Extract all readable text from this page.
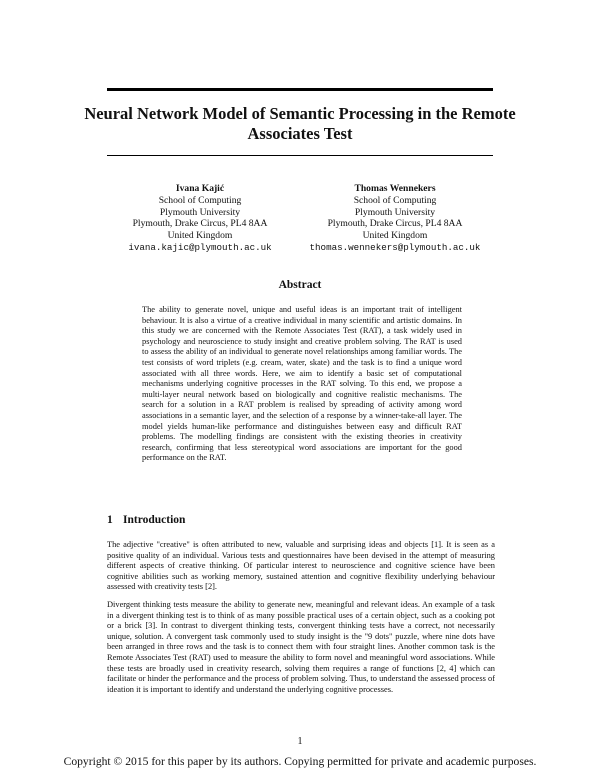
Neural Network Model of Semantic Processing in the Remote Associates Test
Ivana Kajić
School of Computing
Plymouth University
Plymouth, Drake Circus, PL4 8AA
United Kingdom
ivana.kajic@plymouth.ac.uk
Thomas Wennekers
School of Computing
Plymouth University
Plymouth, Drake Circus, PL4 8AA
United Kingdom
thomas.wennekers@plymouth.ac.uk
Abstract
The ability to generate novel, unique and useful ideas is an important trait of intelligent behaviour. It is also a virtue of a creative individual in many scientific and artistic domains. In this study we are concerned with the Remote Associates Test (RAT), a task widely used in psychology and neuroscience to study insight and creative problem solving. The RAT is used to assess the ability of an individual to generate novel relationships among familiar words. The test consists of word triplets (e.g. cream, water, skate) and the task is to find a unique word associated with all three words. Here, we aim to identify a basic set of computational mechanisms underlying cognitive processes in the RAT solving. To this end, we propose a multi-layer neural network based on biologically and cognitive realistic mechanisms. The search for a solution in a RAT problem is realised by spreading of activity among word associations in a semantic layer, and the selection of a response by a winner-take-all layer. The model yields human-like performance and distinguishes between easy and difficult RAT problems. The modelling findings are consistent with the existing theories in creativity research, confirming that less stereotypical word associations are important for the good performance on the RAT.
1 Introduction

The adjective "creative" is often attributed to new, valuable and surprising ideas and objects [1]. It is seen as a positive quality of an individual. Various tests and questionnaires have been devised in the attempt of measuring different aspects of creative thinking. Of particular interest to neuroscience and cognitive science have been cognitive abilities such as working memory, sustained attention and cognitive flexibility underlying behaviour assessed with creativity tests [2].

Divergent thinking tests measure the ability to generate new, meaningful and relevant ideas. An example of a task in a divergent thinking test is to think of as many possible practical uses of a certain object, such as a cooking pot or a brick [3]. In contrast to divergent thinking tests, convergent thinking tests have a correct, not necessarily unique, solution. A convergent task commonly used to study insight is the "9 dots" puzzle, where nine dots have been arranged in three rows and the task is to connect them with four straight lines. Another common task is the Remote Associates Test (RAT) used to measure the ability to form novel and meaningful word associations. While these tests are broadly used in creativity research, solving them requires a range of functions [2, 4] which can facilitate or hinder the performance and the process of problem solving. Thus, to understand the assessed process of ideation it is important to identify and understand the underlying cognitive processes.

1
Copyright © 2015 for this paper by its authors. Copying permitted for private and academic purposes.
